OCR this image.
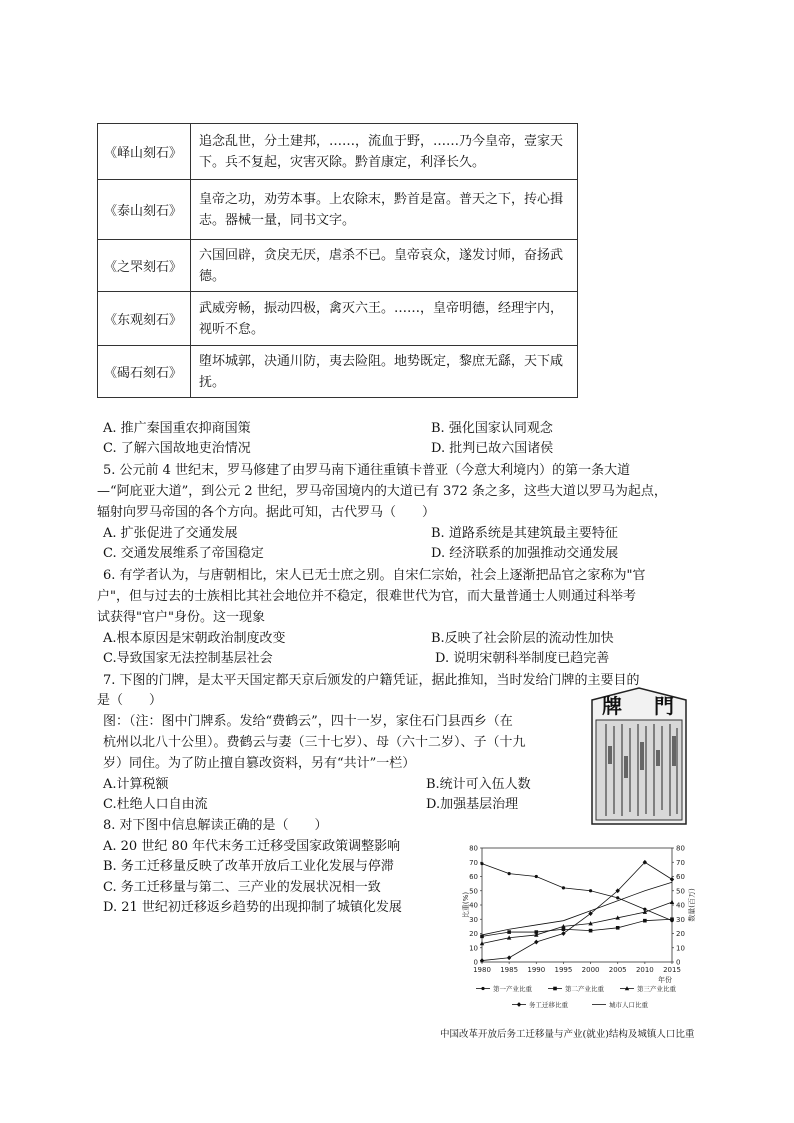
《峄山刻石》	追念乱世，分土建邦，……，流血于野，……乃今皇帝，壹家天下。兵不复起，灾害灭除。黔首康定，利泽长久。
《泰山刻石》	皇帝之功，劝劳本事。上农除末，黔首是富。普天之下，抟心揖志。器械一量，同书文字。
《之罘刻石》	六国回辟，贪戾无厌，虐杀不已。皇帝哀众，遂发讨师，奋扬武德。
《东观刻石》	武威旁畅，振动四极，禽灭六王。……，皇帝明德，经理宇内，视听不怠。
《碣石刻石》	堕坏城郭，决通川防，夷去险阻。地势既定，黎庶无繇，天下咸抚。
A. 推广秦国重农抑商国策	B. 强化国家认同观念
C. 了解六国故地吏治情况	D. 批判已故六国诸侯
5. 公元前 4 世纪末，罗马修建了由罗马南下通往重镇卡普亚（今意大利境内）的第一条大道
—“阿庇亚大道”，到公元 2 世纪，罗马帝国境内的大道已有 372 条之多，这些大道以罗马为起点，
辐射向罗马帝国的各个方向。据此可知，古代罗马（　　）
A. 扩张促进了交通发展	B. 道路系统是其建筑最主要特征
C. 交通发展维系了帝国稳定	D. 经济联系的加强推动交通发展
6. 有学者认为，与唐朝相比，宋人已无士庶之别。自宋仁宗始，社会上逐渐把品官之家称为"官
户"，但与过去的士族相比其社会地位并不稳定，很难世代为官，而大量普通士人则通过科举考
试获得"官户"身份。这一现象
A.根本原因是宋朝政治制度改变	B.反映了社会阶层的流动性加快
C.导致国家无法控制基层社会	D. 说明宋朝科举制度已趋完善
7. 下图的门牌，是太平天国定都天京后颁发的户籍凭证，据此推知，当时发给门牌的主要目的
是（　　）
图：（注：图中门牌系。发给“费鹤云”，四十一岁，家住石门县西乡（在
杭州以北八十公里）。费鹤云与妻（三十七岁）、母（六十二岁）、子（十九
岁）同住。为了防止擅自篡改资料，另有“共计”一栏）
A.计算税额	B.统计可入伍人数
C.杜绝人口自由流	D.加强基层治理
牌　門
8. 对下图中信息解读正确的是（　　）
A. 20 世纪 80 年代末务工迁移受国家政策调整影响
B. 务工迁移量反映了改革开放后工业化发展与停滞
C. 务工迁移量与第二、三产业的发展状况相一致
D. 21 世纪初迁移返乡趋势的出现抑制了城镇化发展
0	0
10	10
20	20
30	30
40	40
50	50
60	60
70	70
80	80
1980 1985 1990 1995 2000 2005 2010 2015
比重(%)	数量(百万)
年份
第一产业比重	第二产业比重	第三产业比重
务工迁移比重	城市人口比重
中国改革开放后务工迁移量与产业(就业)结构及城镇人口比重
